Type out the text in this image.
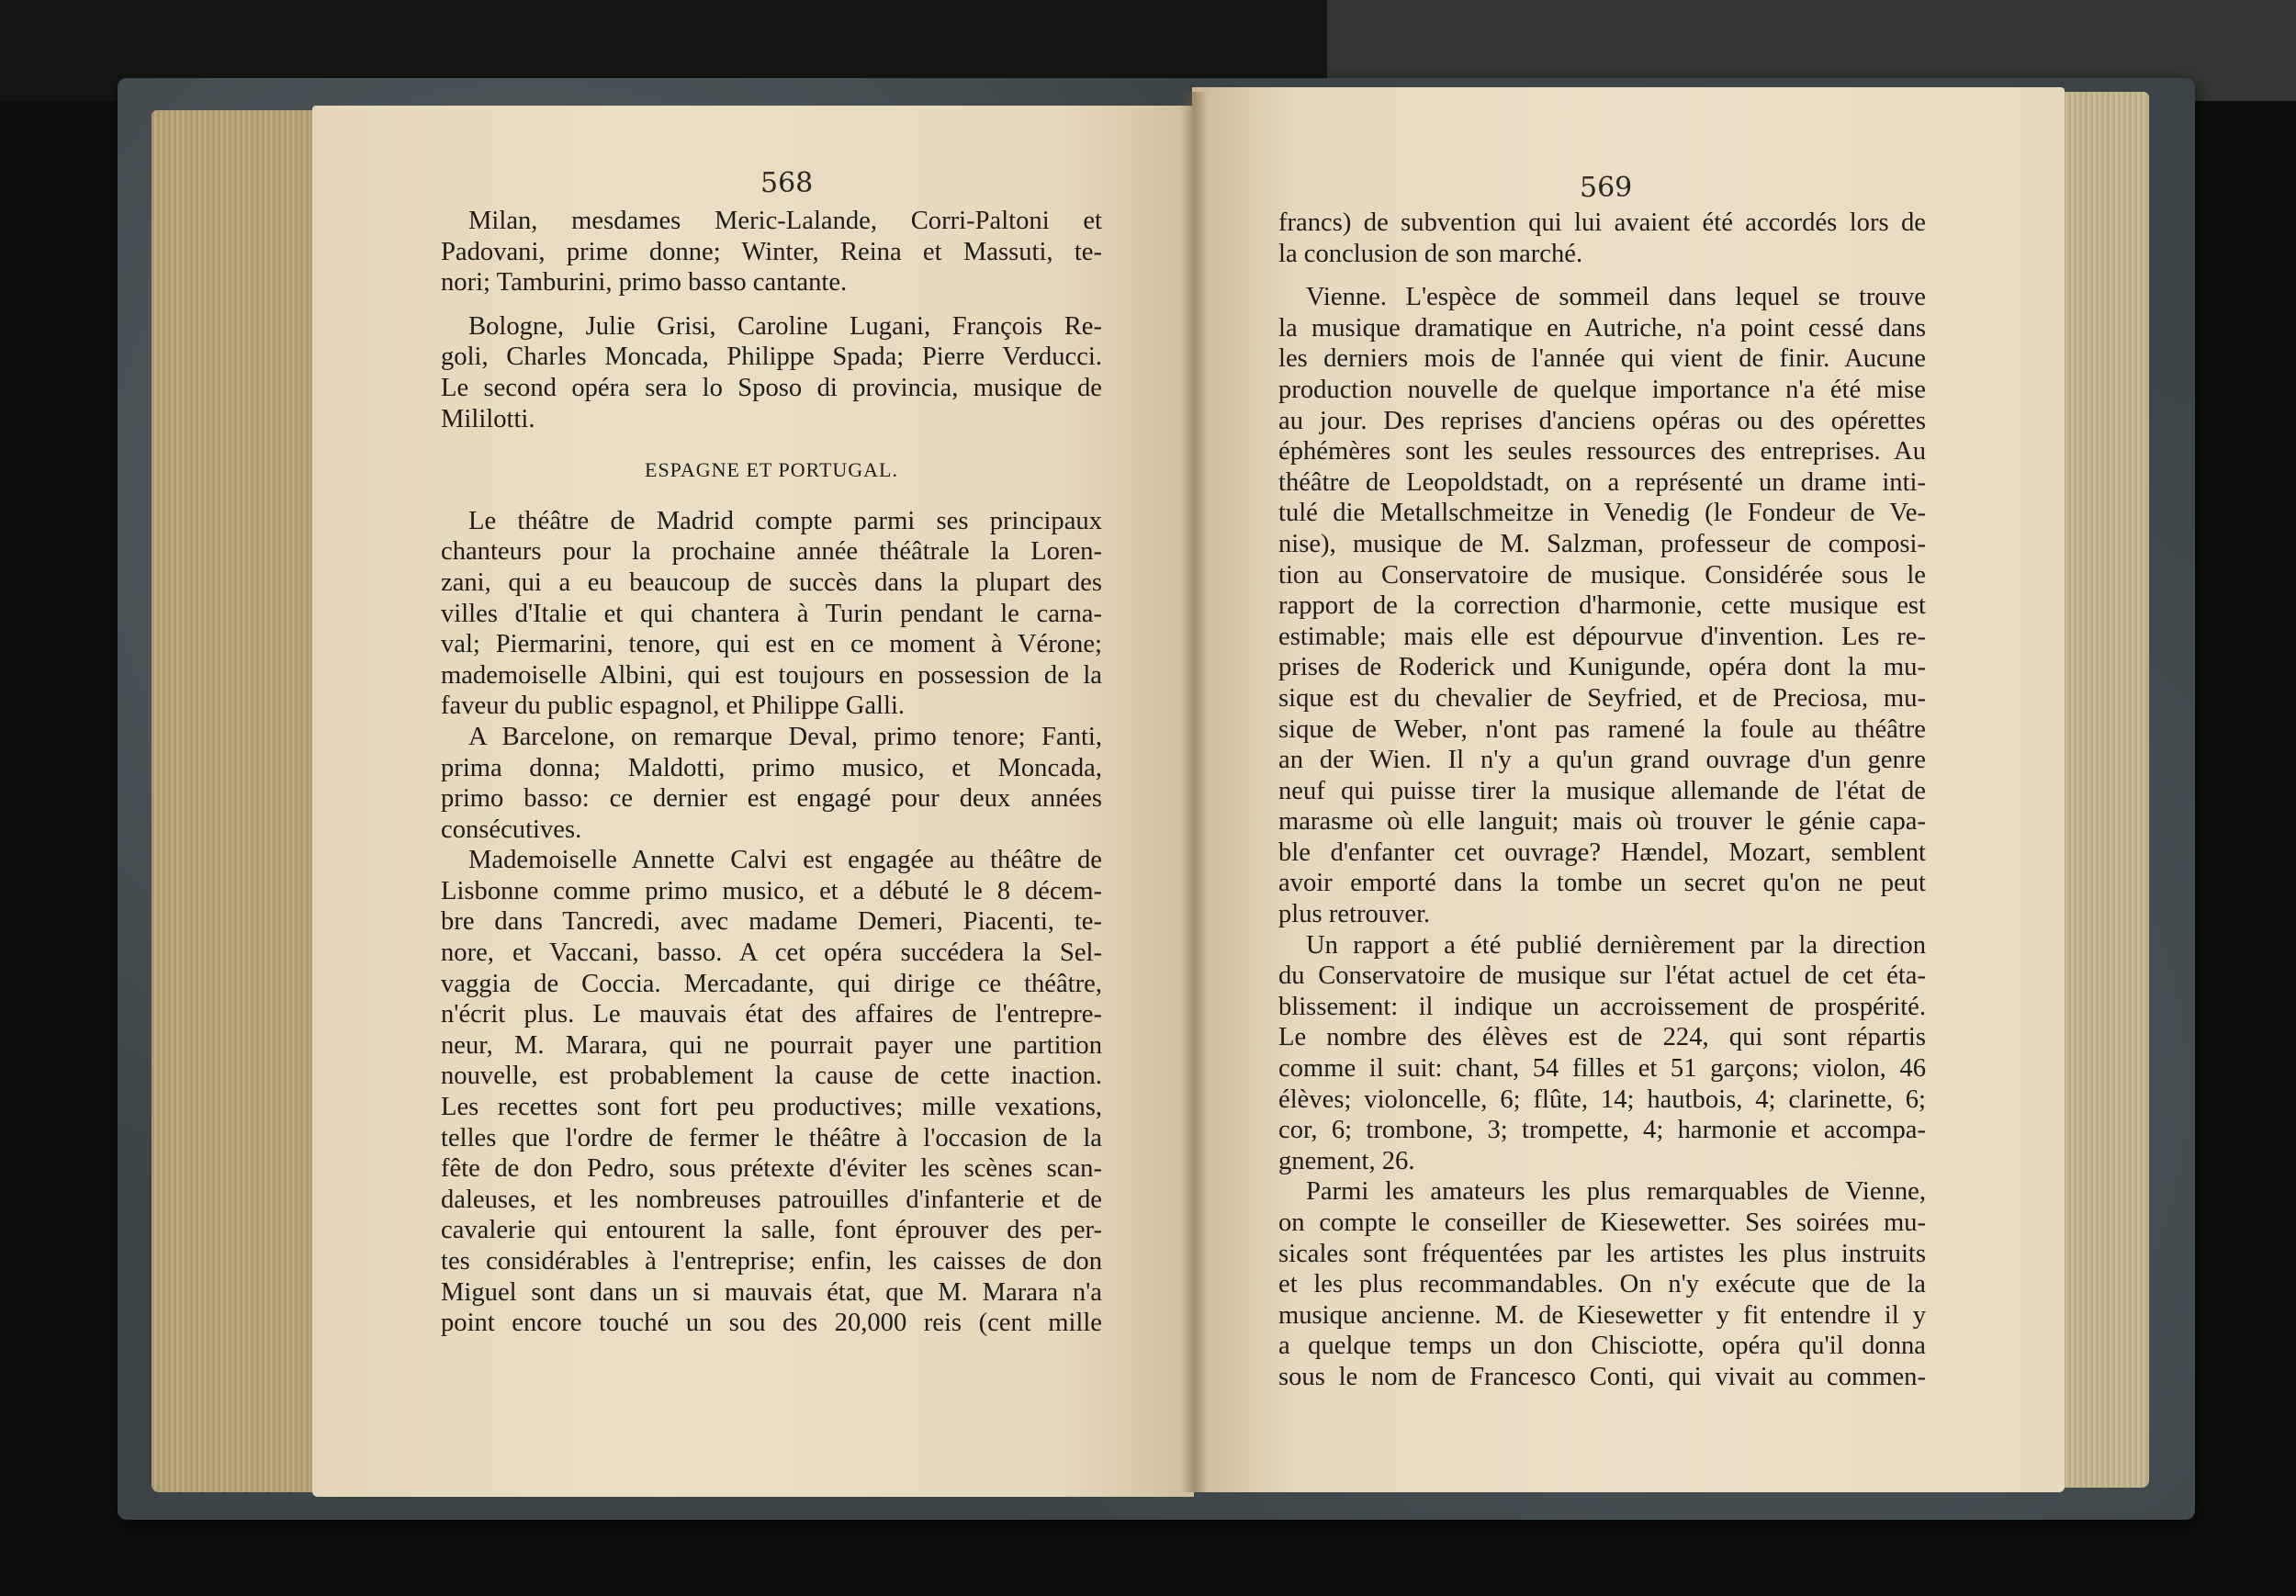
568	569
Milan, mesdames Meric-Lalande, Corri-Paltoni et
Padovani, prime donne; Winter, Reina et Massuti, te-
nori; Tamburini, primo basso cantante.
Bologne, Julie Grisi, Caroline Lugani, François Re-
goli, Charles Moncada, Philippe Spada; Pierre Verducci.
Le second opéra sera lo Sposo di provincia, musique de
Mililotti.
ESPAGNE ET PORTUGAL.
Le théâtre de Madrid compte parmi ses principaux
chanteurs pour la prochaine année théâtrale la Loren-
zani, qui a eu beaucoup de succès dans la plupart des
villes d'Italie et qui chantera à Turin pendant le carna-
val; Piermarini, tenore, qui est en ce moment à Vérone;
mademoiselle Albini, qui est toujours en possession de la
faveur du public espagnol, et Philippe Galli.
A Barcelone, on remarque Deval, primo tenore; Fanti,
prima donna; Maldotti, primo musico, et Moncada,
primo basso: ce dernier est engagé pour deux années
consécutives.
Mademoiselle Annette Calvi est engagée au théâtre de
Lisbonne comme primo musico, et a débuté le 8 décem-
bre dans Tancredi, avec madame Demeri, Piacenti, te-
nore, et Vaccani, basso. A cet opéra succédera la Sel-
vaggia de Coccia. Mercadante, qui dirige ce théâtre,
n'écrit plus. Le mauvais état des affaires de l'entrepre-
neur, M. Marara, qui ne pourrait payer une partition
nouvelle, est probablement la cause de cette inaction.
Les recettes sont fort peu productives; mille vexations,
telles que l'ordre de fermer le théâtre à l'occasion de la
fête de don Pedro, sous prétexte d'éviter les scènes scan-
daleuses, et les nombreuses patrouilles d'infanterie et de
cavalerie qui entourent la salle, font éprouver des per-
tes considérables à l'entreprise; enfin, les caisses de don
Miguel sont dans un si mauvais état, que M. Marara n'a
point encore touché un sou des 20,000 reis (cent mille
francs) de subvention qui lui avaient été accordés lors de
la conclusion de son marché.
Vienne. L'espèce de sommeil dans lequel se trouve
la musique dramatique en Autriche, n'a point cessé dans
les derniers mois de l'année qui vient de finir. Aucune
production nouvelle de quelque importance n'a été mise
au jour. Des reprises d'anciens opéras ou des opérettes
éphémères sont les seules ressources des entreprises. Au
théâtre de Leopoldstadt, on a représenté un drame inti-
tulé die Metallschmeitze in Venedig (le Fondeur de Ve-
nise), musique de M. Salzman, professeur de composi-
tion au Conservatoire de musique. Considérée sous le
rapport de la correction d'harmonie, cette musique est
estimable; mais elle est dépourvue d'invention. Les re-
prises de Roderick und Kunigunde, opéra dont la mu-
sique est du chevalier de Seyfried, et de Preciosa, mu-
sique de Weber, n'ont pas ramené la foule au théâtre
an der Wien. Il n'y a qu'un grand ouvrage d'un genre
neuf qui puisse tirer la musique allemande de l'état de
marasme où elle languit; mais où trouver le génie capa-
ble d'enfanter cet ouvrage? Hændel, Mozart, semblent
avoir emporté dans la tombe un secret qu'on ne peut
plus retrouver.
Un rapport a été publié dernièrement par la direction
du Conservatoire de musique sur l'état actuel de cet éta-
blissement: il indique un accroissement de prospérité.
Le nombre des élèves est de 224, qui sont répartis
comme il suit: chant, 54 filles et 51 garçons; violon, 46
élèves; violoncelle, 6; flûte, 14; hautbois, 4; clarinette, 6;
cor, 6; trombone, 3; trompette, 4; harmonie et accompa-
gnement, 26.
Parmi les amateurs les plus remarquables de Vienne,
on compte le conseiller de Kiesewetter. Ses soirées mu-
sicales sont fréquentées par les artistes les plus instruits
et les plus recommandables. On n'y exécute que de la
musique ancienne. M. de Kiesewetter y fit entendre il y
a quelque temps un don Chisciotte, opéra qu'il donna
sous le nom de Francesco Conti, qui vivait au commen-
